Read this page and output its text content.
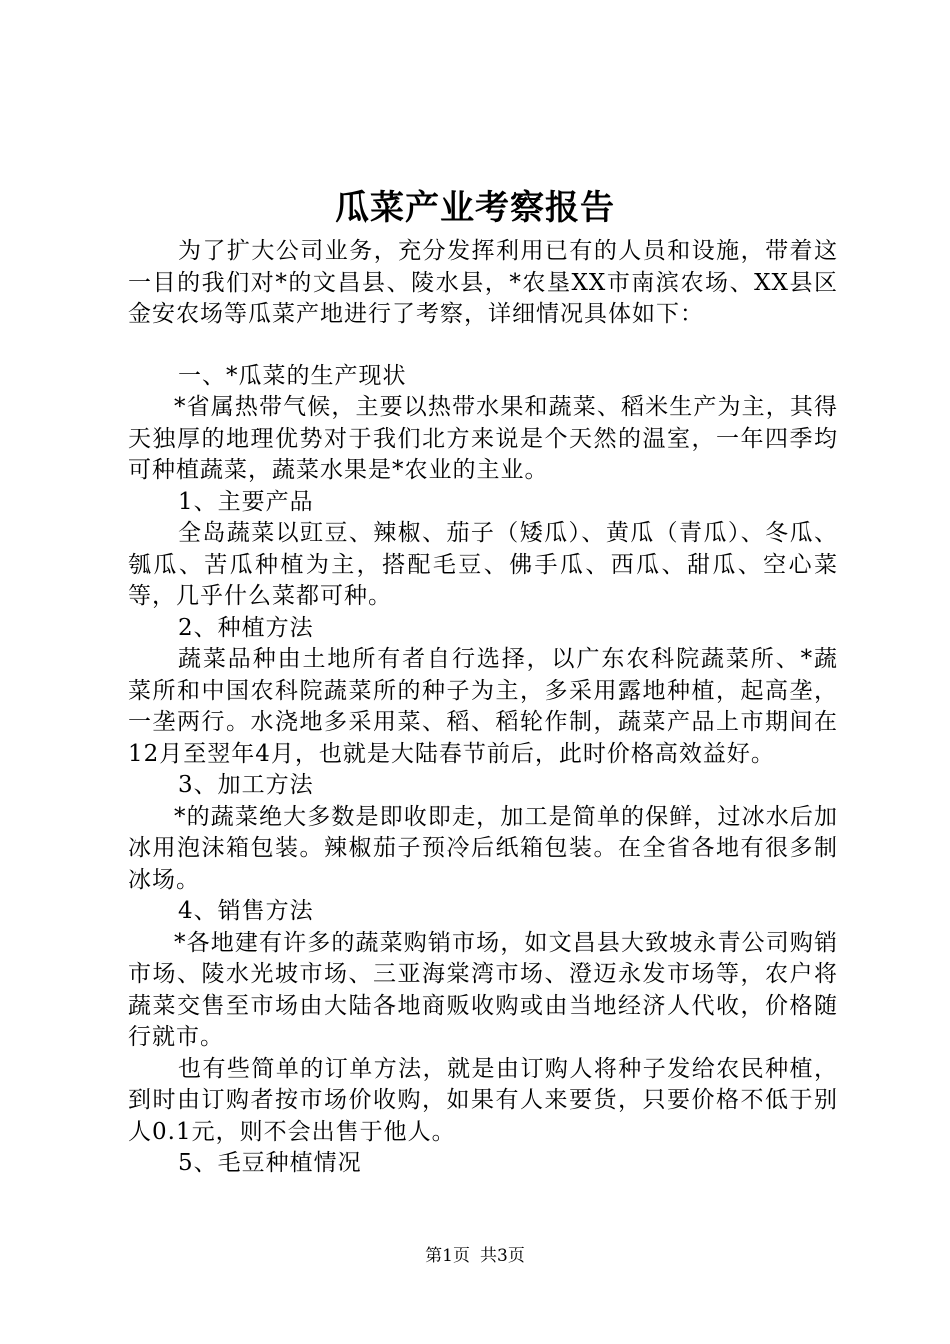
瓜菜产业考察报告

为了扩大公司业务，充分发挥利用已有的人员和设施，带着这一目的我们对*的文昌县、陵水县，*农垦XX市南滨农场、XX县区金安农场等瓜菜产地进行了考察，详细情况具体如下：

一、*瓜菜的生产现状

*省属热带气候，主要以热带水果和蔬菜、稻米生产为主，其得天独厚的地理优势对于我们北方来说是个天然的温室，一年四季均可种植蔬菜，蔬菜水果是*农业的主业。

1、主要产品

全岛蔬菜以豇豆、辣椒、茄子（矮瓜）、黄瓜（青瓜）、冬瓜、瓠瓜、苦瓜种植为主，搭配毛豆、佛手瓜、西瓜、甜瓜、空心菜等，几乎什么菜都可种。

2、种植方法

蔬菜品种由土地所有者自行选择，以广东农科院蔬菜所、*蔬菜所和中国农科院蔬菜所的种子为主，多采用露地种植，起高垄，一垄两行。水浇地多采用菜、稻、稻轮作制，蔬菜产品上市期间在12月至翌年4月，也就是大陆春节前后，此时价格高效益好。

3、加工方法

*的蔬菜绝大多数是即收即走，加工是简单的保鲜，过冰水后加冰用泡沫箱包装。辣椒茄子预冷后纸箱包装。在全省各地有很多制冰场。

4、销售方法

*各地建有许多的蔬菜购销市场，如文昌县大致坡永青公司购销市场、陵水光坡市场、三亚海棠湾市场、澄迈永发市场等，农户将蔬菜交售至市场由大陆各地商贩收购或由当地经济人代收，价格随行就市。

也有些简单的订单方法，就是由订购人将种子发给农民种植，到时由订购者按市场价收购，如果有人来要货，只要价格不低于别人0.1元，则不会出售于他人。

5、毛豆种植情况

第1页 共3页
